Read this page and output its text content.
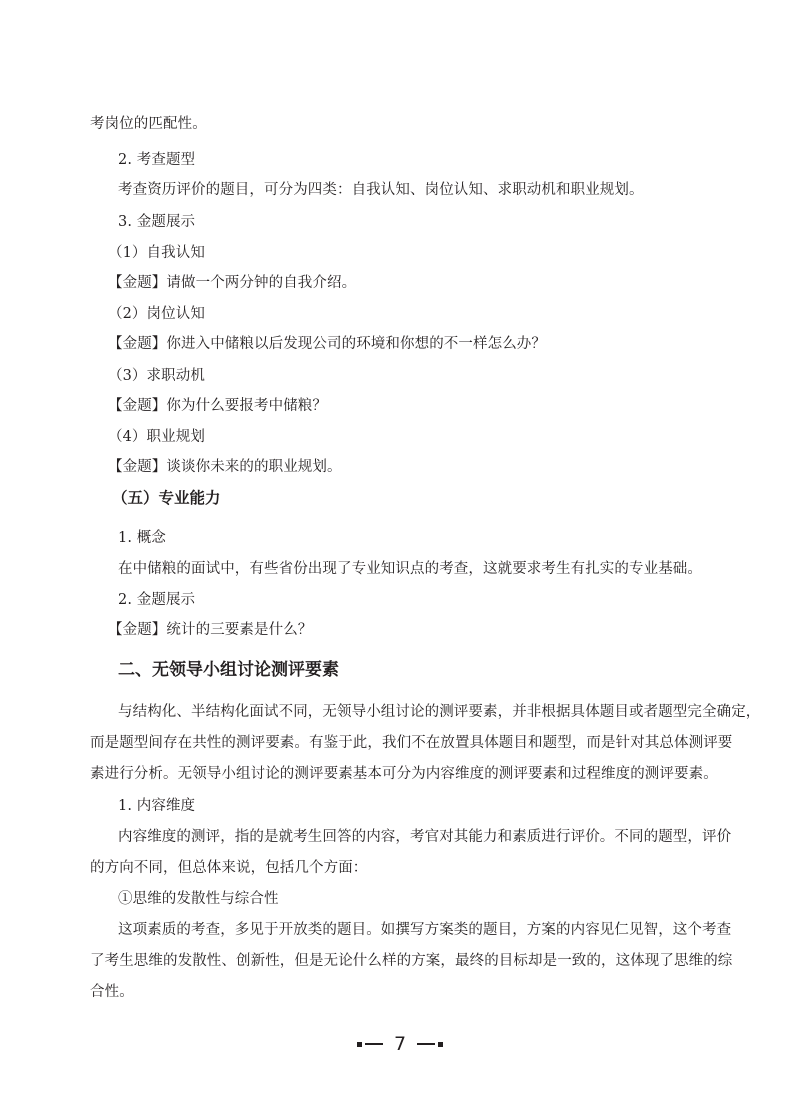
考岗位的匹配性。
2. 考查题型
考查资历评价的题目，可分为四类：自我认知、岗位认知、求职动机和职业规划。
3. 金题展示
（1）自我认知
【金题】请做一个两分钟的自我介绍。
（2）岗位认知
【金题】你进入中储粮以后发现公司的环境和你想的不一样怎么办？
（3）求职动机
【金题】你为什么要报考中储粮？
（4）职业规划
【金题】谈谈你未来的的职业规划。
1. 概念
在中储粮的面试中，有些省份出现了专业知识点的考查，这就要求考生有扎实的专业基础。
2. 金题展示
【金题】统计的三要素是什么？
与结构化、半结构化面试不同，无领导小组讨论的测评要素，并非根据具体题目或者题型完全确定，
而是题型间存在共性的测评要素。有鉴于此，我们不在放置具体题目和题型，而是针对其总体测评要
素进行分析。无领导小组讨论的测评要素基本可分为内容维度的测评要素和过程维度的测评要素。
1. 内容维度
内容维度的测评，指的是就考生回答的内容，考官对其能力和素质进行评价。不同的题型，评价
的方向不同，但总体来说，包括几个方面：
①思维的发散性与综合性
这项素质的考查，多见于开放类的题目。如撰写方案类的题目，方案的内容见仁见智，这个考查
了考生思维的发散性、创新性，但是无论什么样的方案，最终的目标却是一致的，这体现了思维的综
合性。
（五）专业能力
二、无领导小组讨论测评要素
7
